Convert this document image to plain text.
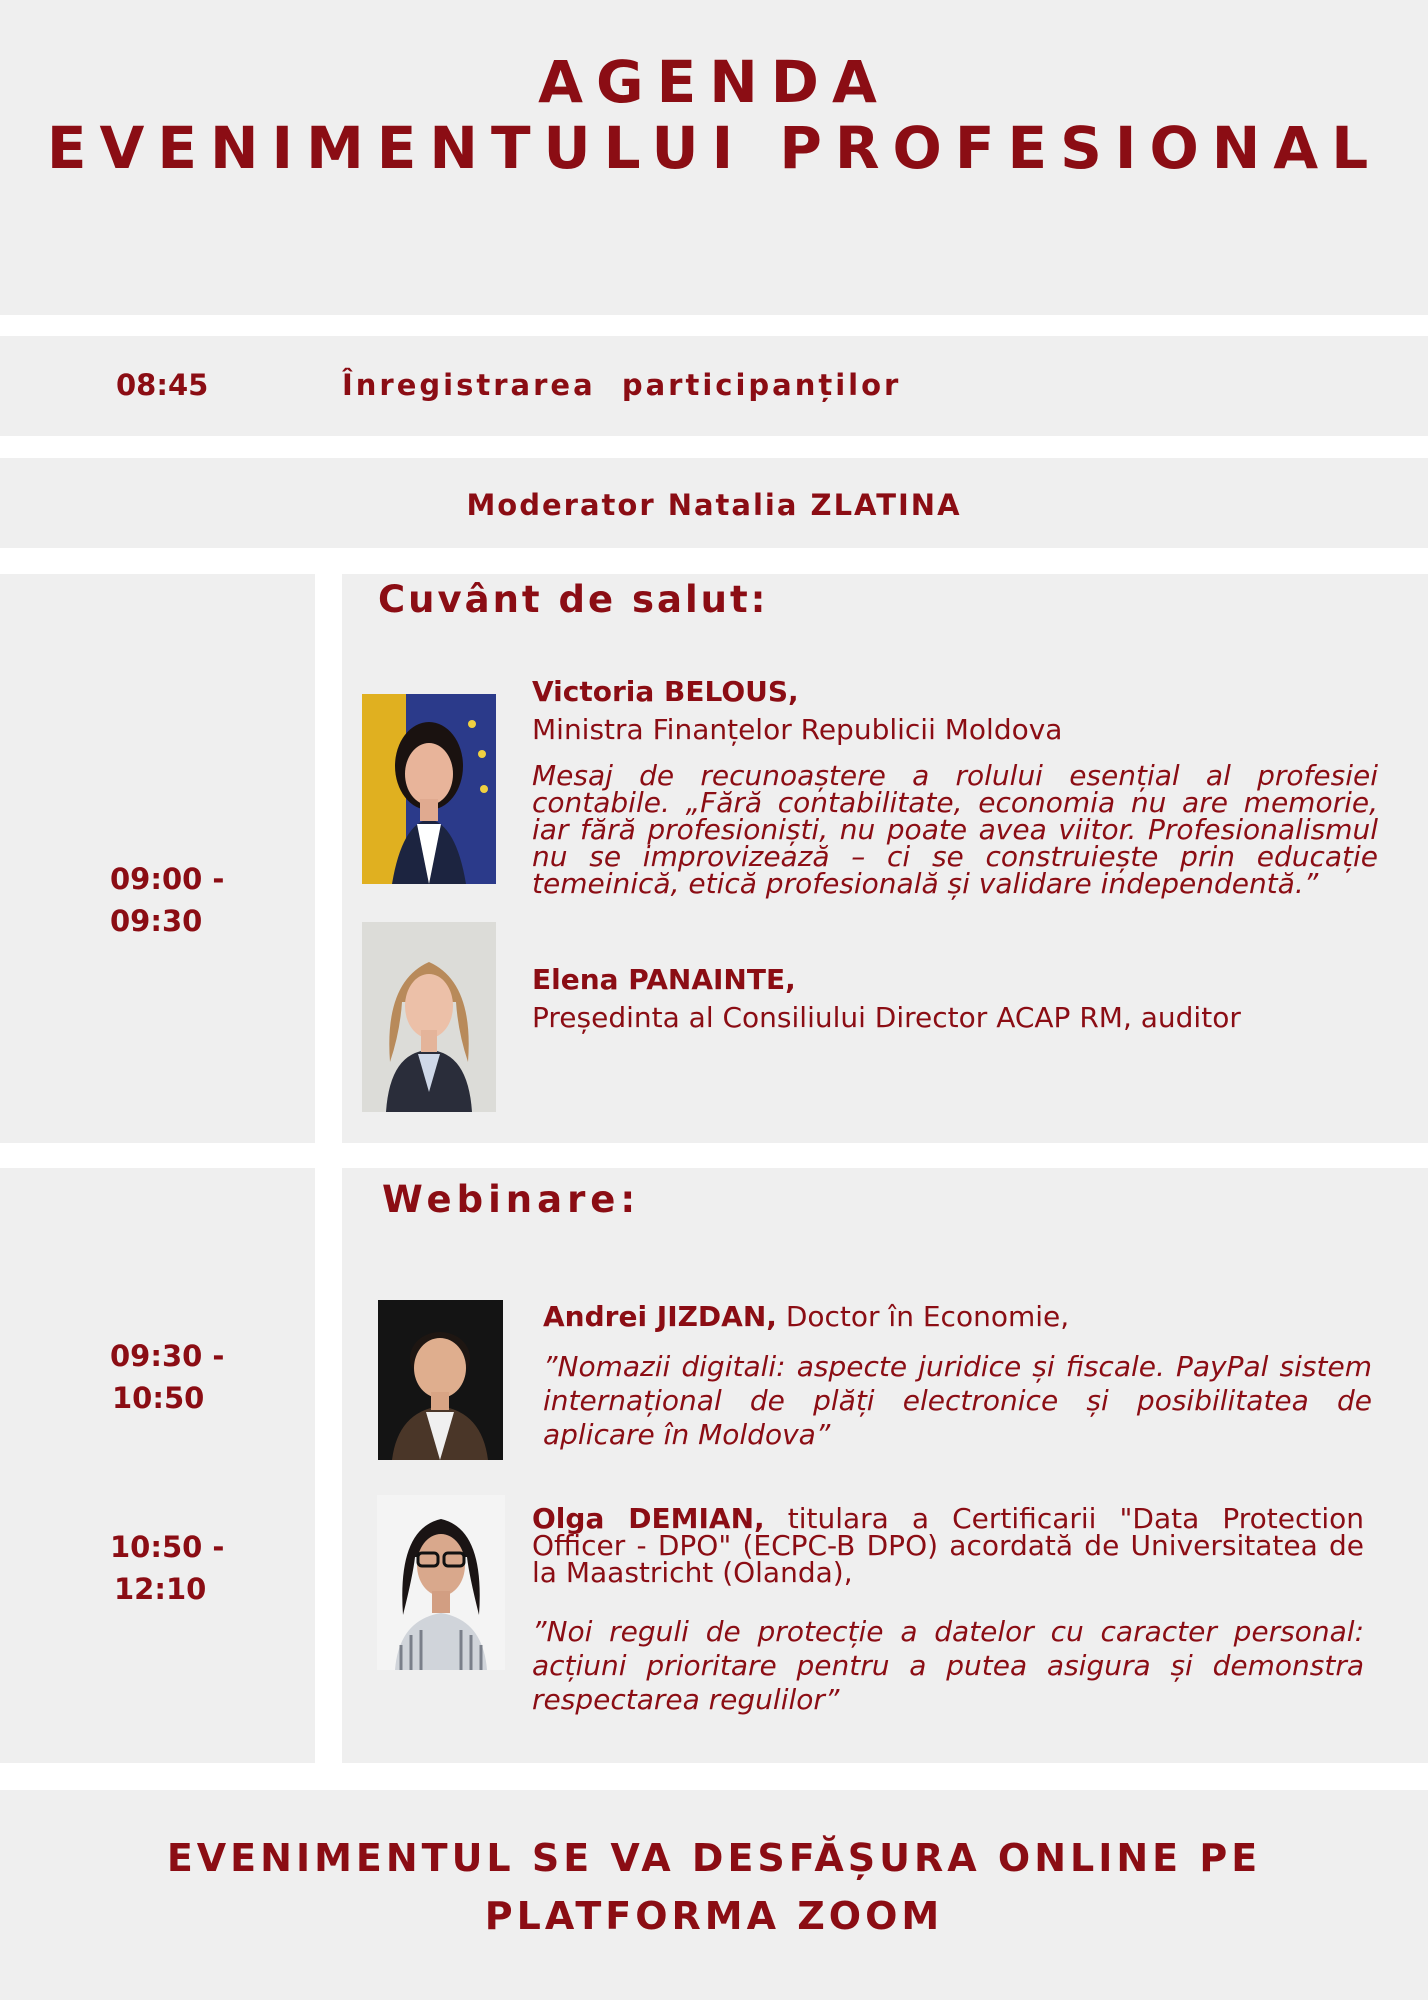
AGENDA
EVENIMENTULUI PROFESIONAL
08:45	Înregistrarea  participanților
Moderator Natalia ZLATINA
09:00 -
09:30
Cuvânt de salut:
Victoria BELOUS,
Ministra Finanțelor Republicii Moldova
Mesaj de recunoaștere a rolului esențial al profesiei contabile. „Fără contabilitate, economia nu are memorie, iar fără profesioniști, nu poate avea viitor. Profesionalismul nu se improvizează – ci se construiește prin educație temeinică, etică profesională și validare independentă.”
Elena PANAINTE,
Președinta al Consiliului Director ACAP RM, auditor
Webinare:
09:30 -
10:50
Andrei JIZDAN, Doctor în Economie,
”Nomazii digitali: aspecte juridice și fiscale. PayPal sistem internațional de plăți electronice și posibilitatea de aplicare în Moldova”
10:50 -
12:10
Olga DEMIAN, titulara a Certificarii "Data Protection Officer - DPO" (ECPC-B DPO) acordată de Universitatea de la Maastricht (Olanda),
”Noi reguli de protecție a datelor cu caracter personal: acțiuni prioritare pentru a putea asigura și demonstra respectarea regulilor”
EVENIMENTUL SE VA DESFĂȘURA ONLINE PE
PLATFORMA ZOOM
